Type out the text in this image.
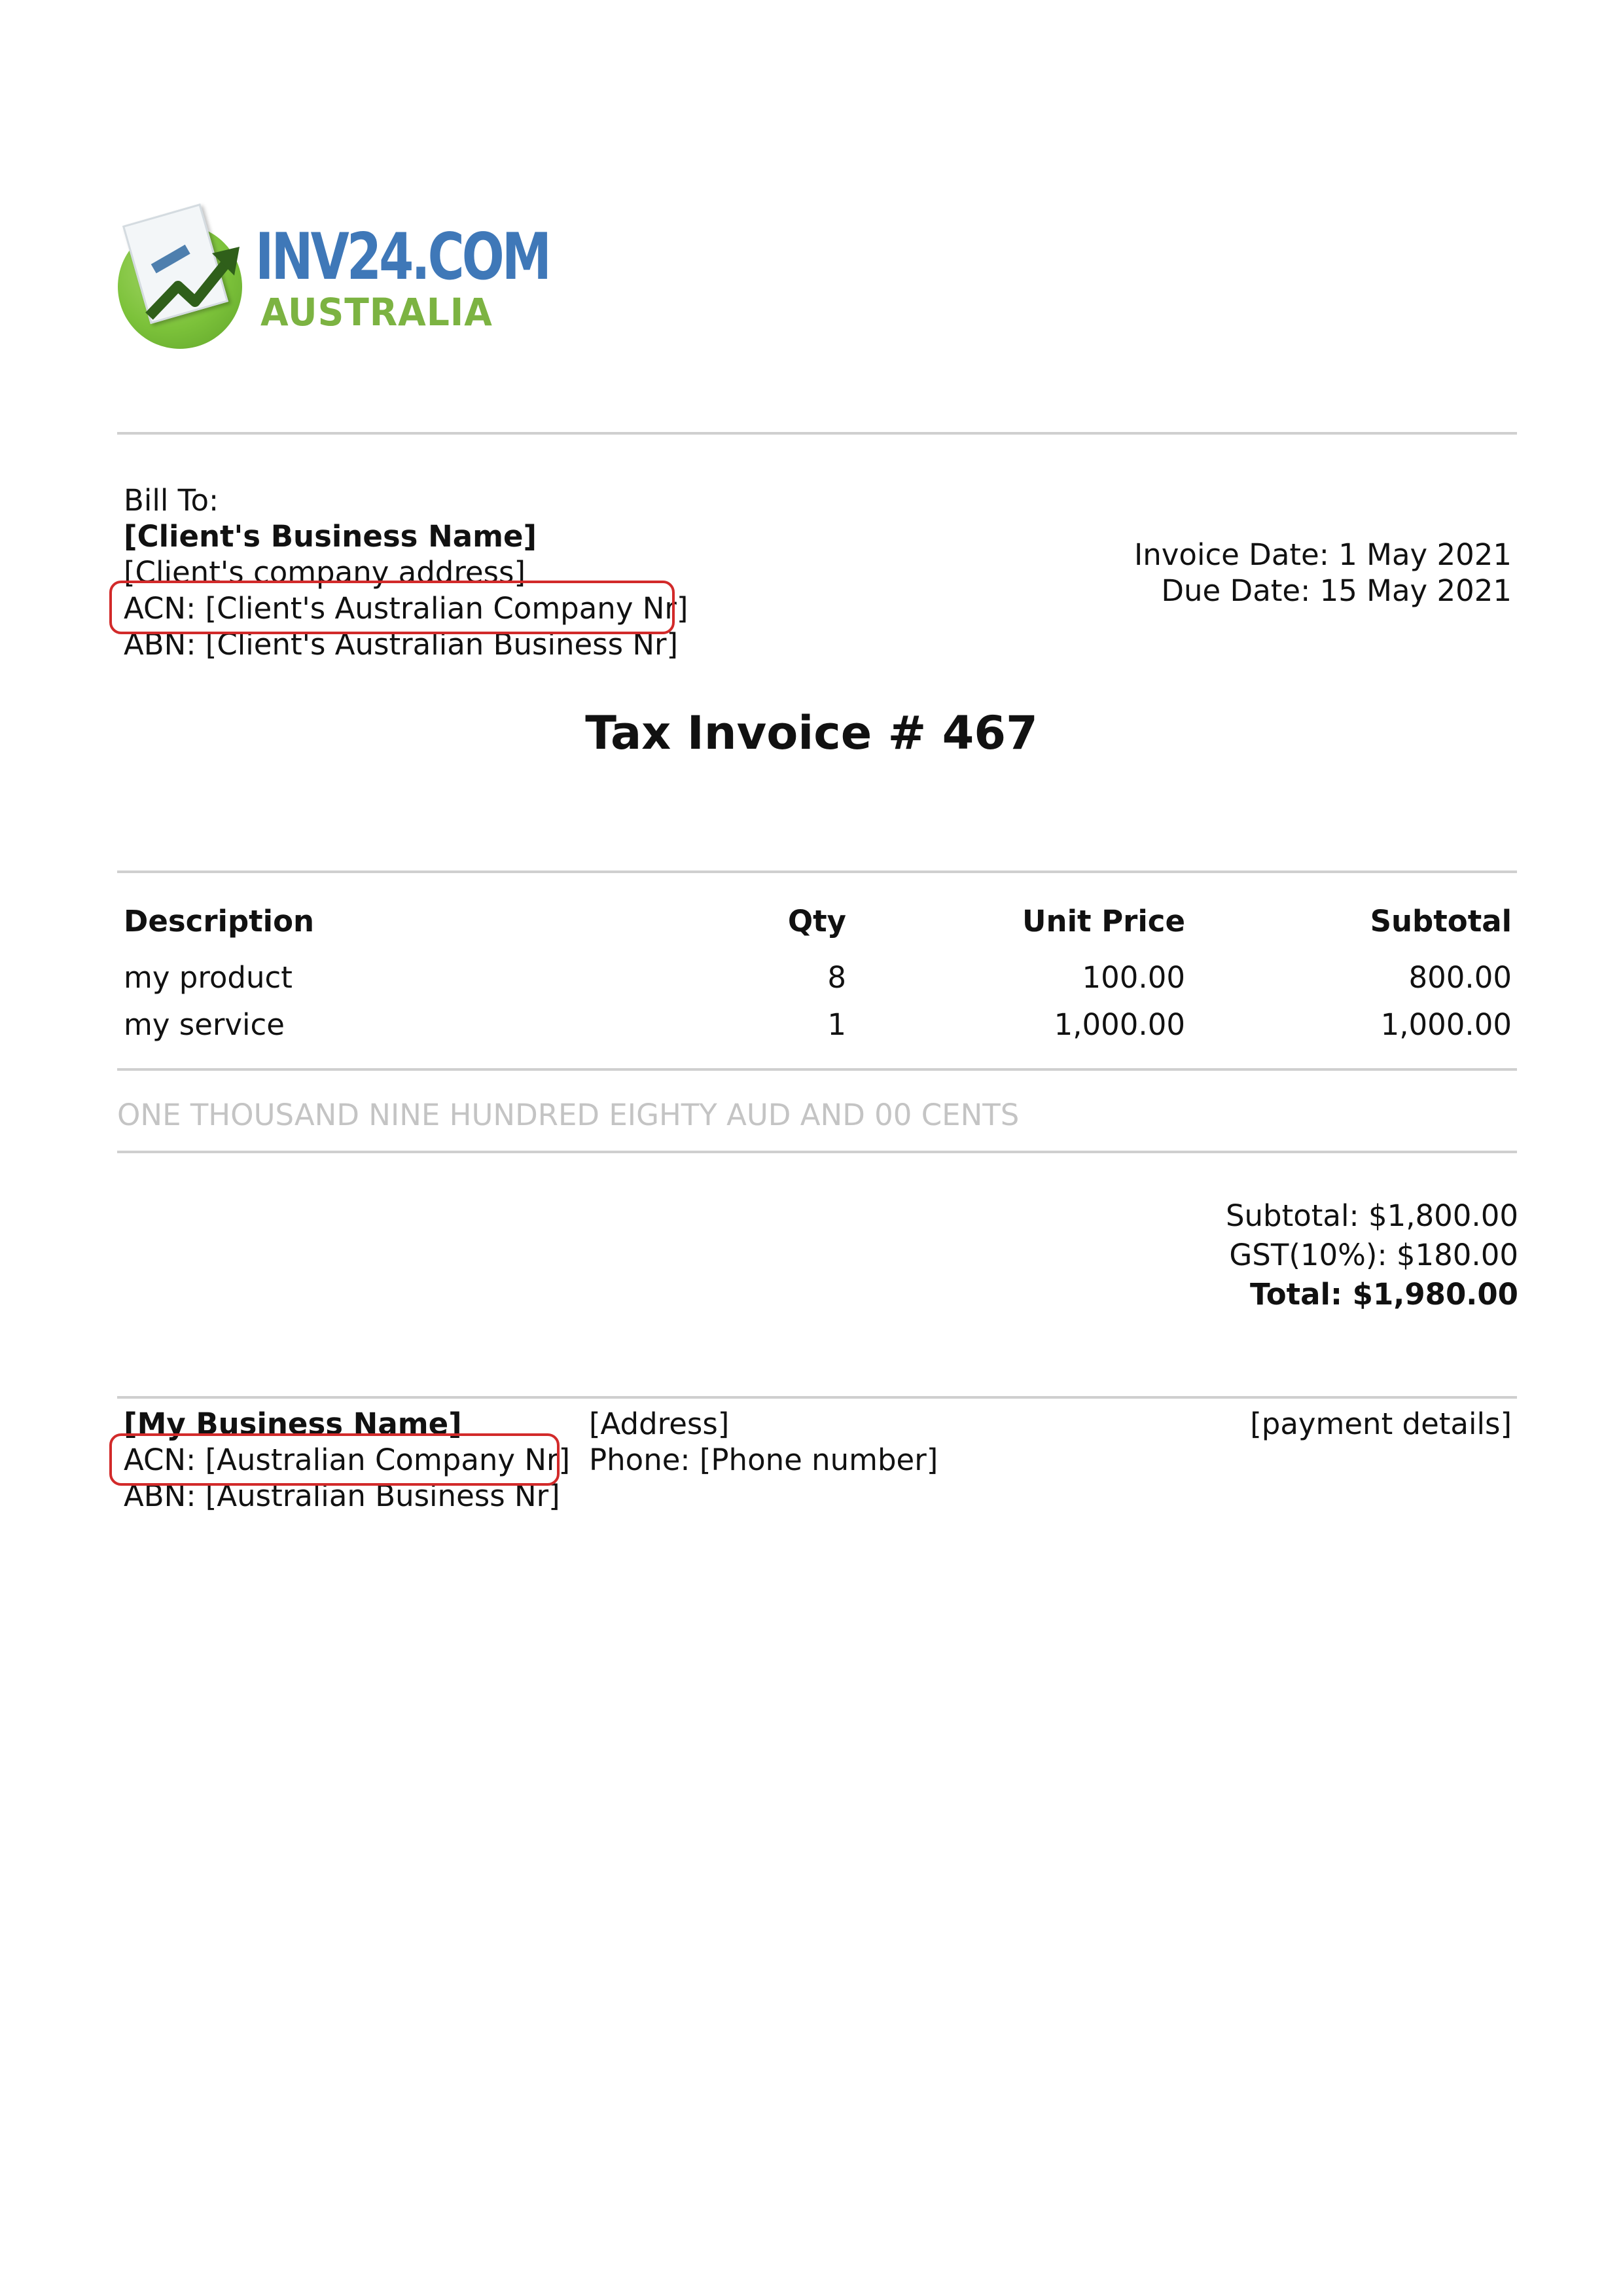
INV24.COM
AUSTRALIA
Bill To:
[Client's Business Name]
[Client's company address]
ACN: [Client's Australian Company Nr]
ABN: [Client's Australian Business Nr]
Invoice Date: 1 May 2021
Due Date: 15 May 2021
Tax Invoice # 467
Description	Qty	Unit Price	Subtotal
my product	8	100.00	800.00
my service	1	1,000.00	1,000.00
ONE THOUSAND NINE HUNDRED EIGHTY AUD AND 00 CENTS
Subtotal: $1,800.00
GST(10%): $180.00
Total: $1,980.00
[My Business Name]
ACN: [Australian Company Nr]
ABN: [Australian Business Nr]
[Address]
Phone: [Phone number]
[payment details]
